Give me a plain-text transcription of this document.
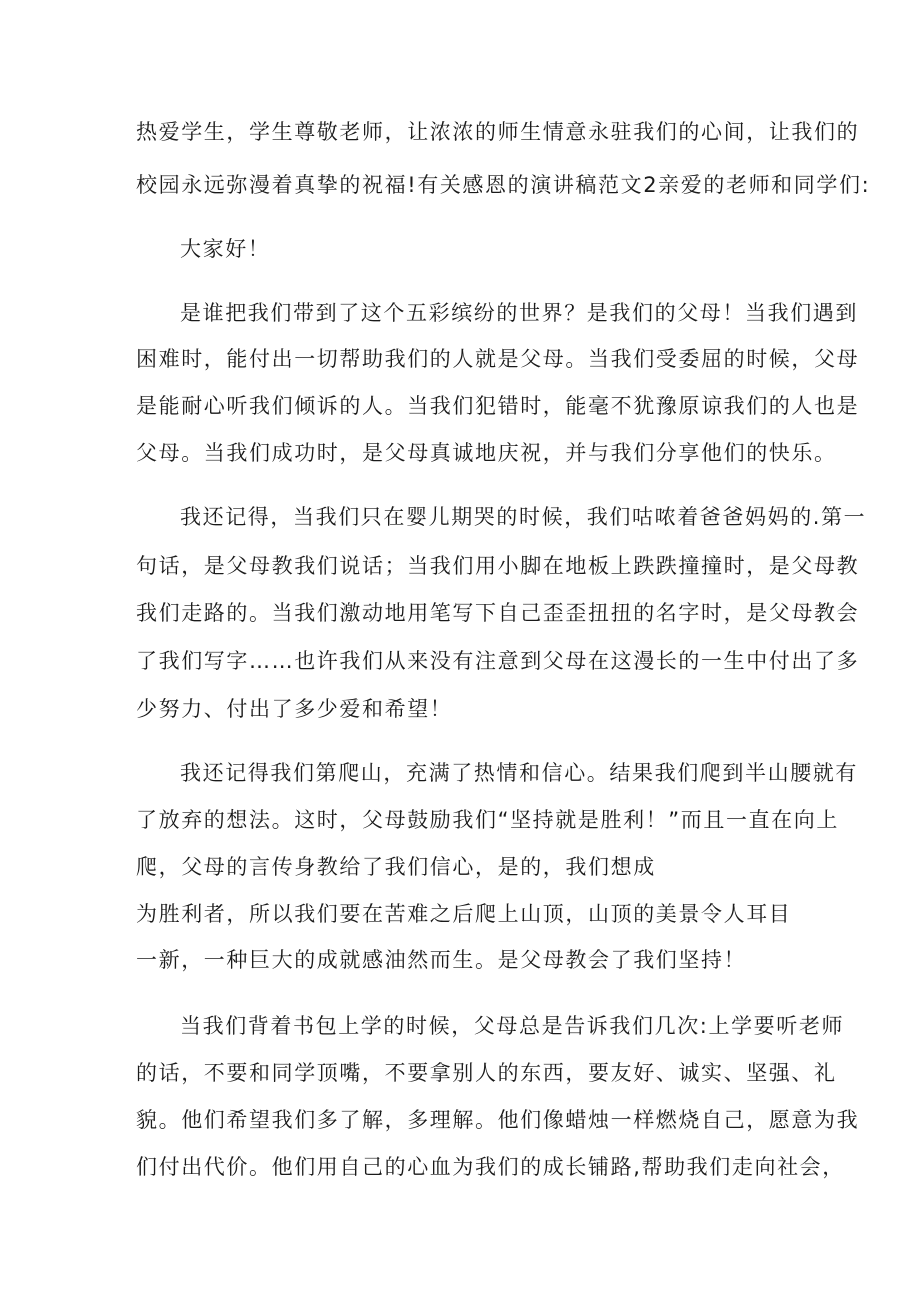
热爱学生，学生尊敬老师，让浓浓的师生情意永驻我们的心间，让我们的
校园永远弥漫着真挚的祝福!有关感恩的演讲稿范文2亲爱的老师和同学们:
大家好！
是谁把我们带到了这个五彩缤纷的世界？是我们的父母！当我们遇到
困难时，能付出一切帮助我们的人就是父母。当我们受委屈的时候，父母
是能耐心听我们倾诉的人。当我们犯错时，能毫不犹豫原谅我们的人也是
父母。当我们成功时，是父母真诚地庆祝，并与我们分享他们的快乐。
我还记得，当我们只在婴儿期哭的时候，我们咕哝着爸爸妈妈的.第一
句话，是父母教我们说话；当我们用小脚在地板上跌跌撞撞时，是父母教
我们走路的。当我们激动地用笔写下自己歪歪扭扭的名字时，是父母教会
了我们写字……也许我们从来没有注意到父母在这漫长的一生中付出了多
少努力、付出了多少爱和希望！
我还记得我们第爬山，充满了热情和信心。结果我们爬到半山腰就有
了放弃的想法。这时，父母鼓励我们“坚持就是胜利！”而且一直在向上
爬，父母的言传身教给了我们信心，是的，我们想成
为胜利者，所以我们要在苦难之后爬上山顶，山顶的美景令人耳目
一新，一种巨大的成就感油然而生。是父母教会了我们坚持！
当我们背着书包上学的时候，父母总是告诉我们几次:上学要听老师
的话，不要和同学顶嘴，不要拿别人的东西，要友好、诚实、坚强、礼
貌。他们希望我们多了解，多理解。他们像蜡烛一样燃烧自己，愿意为我
们付出代价。他们用自己的心血为我们的成长铺路,帮助我们走向社会，
